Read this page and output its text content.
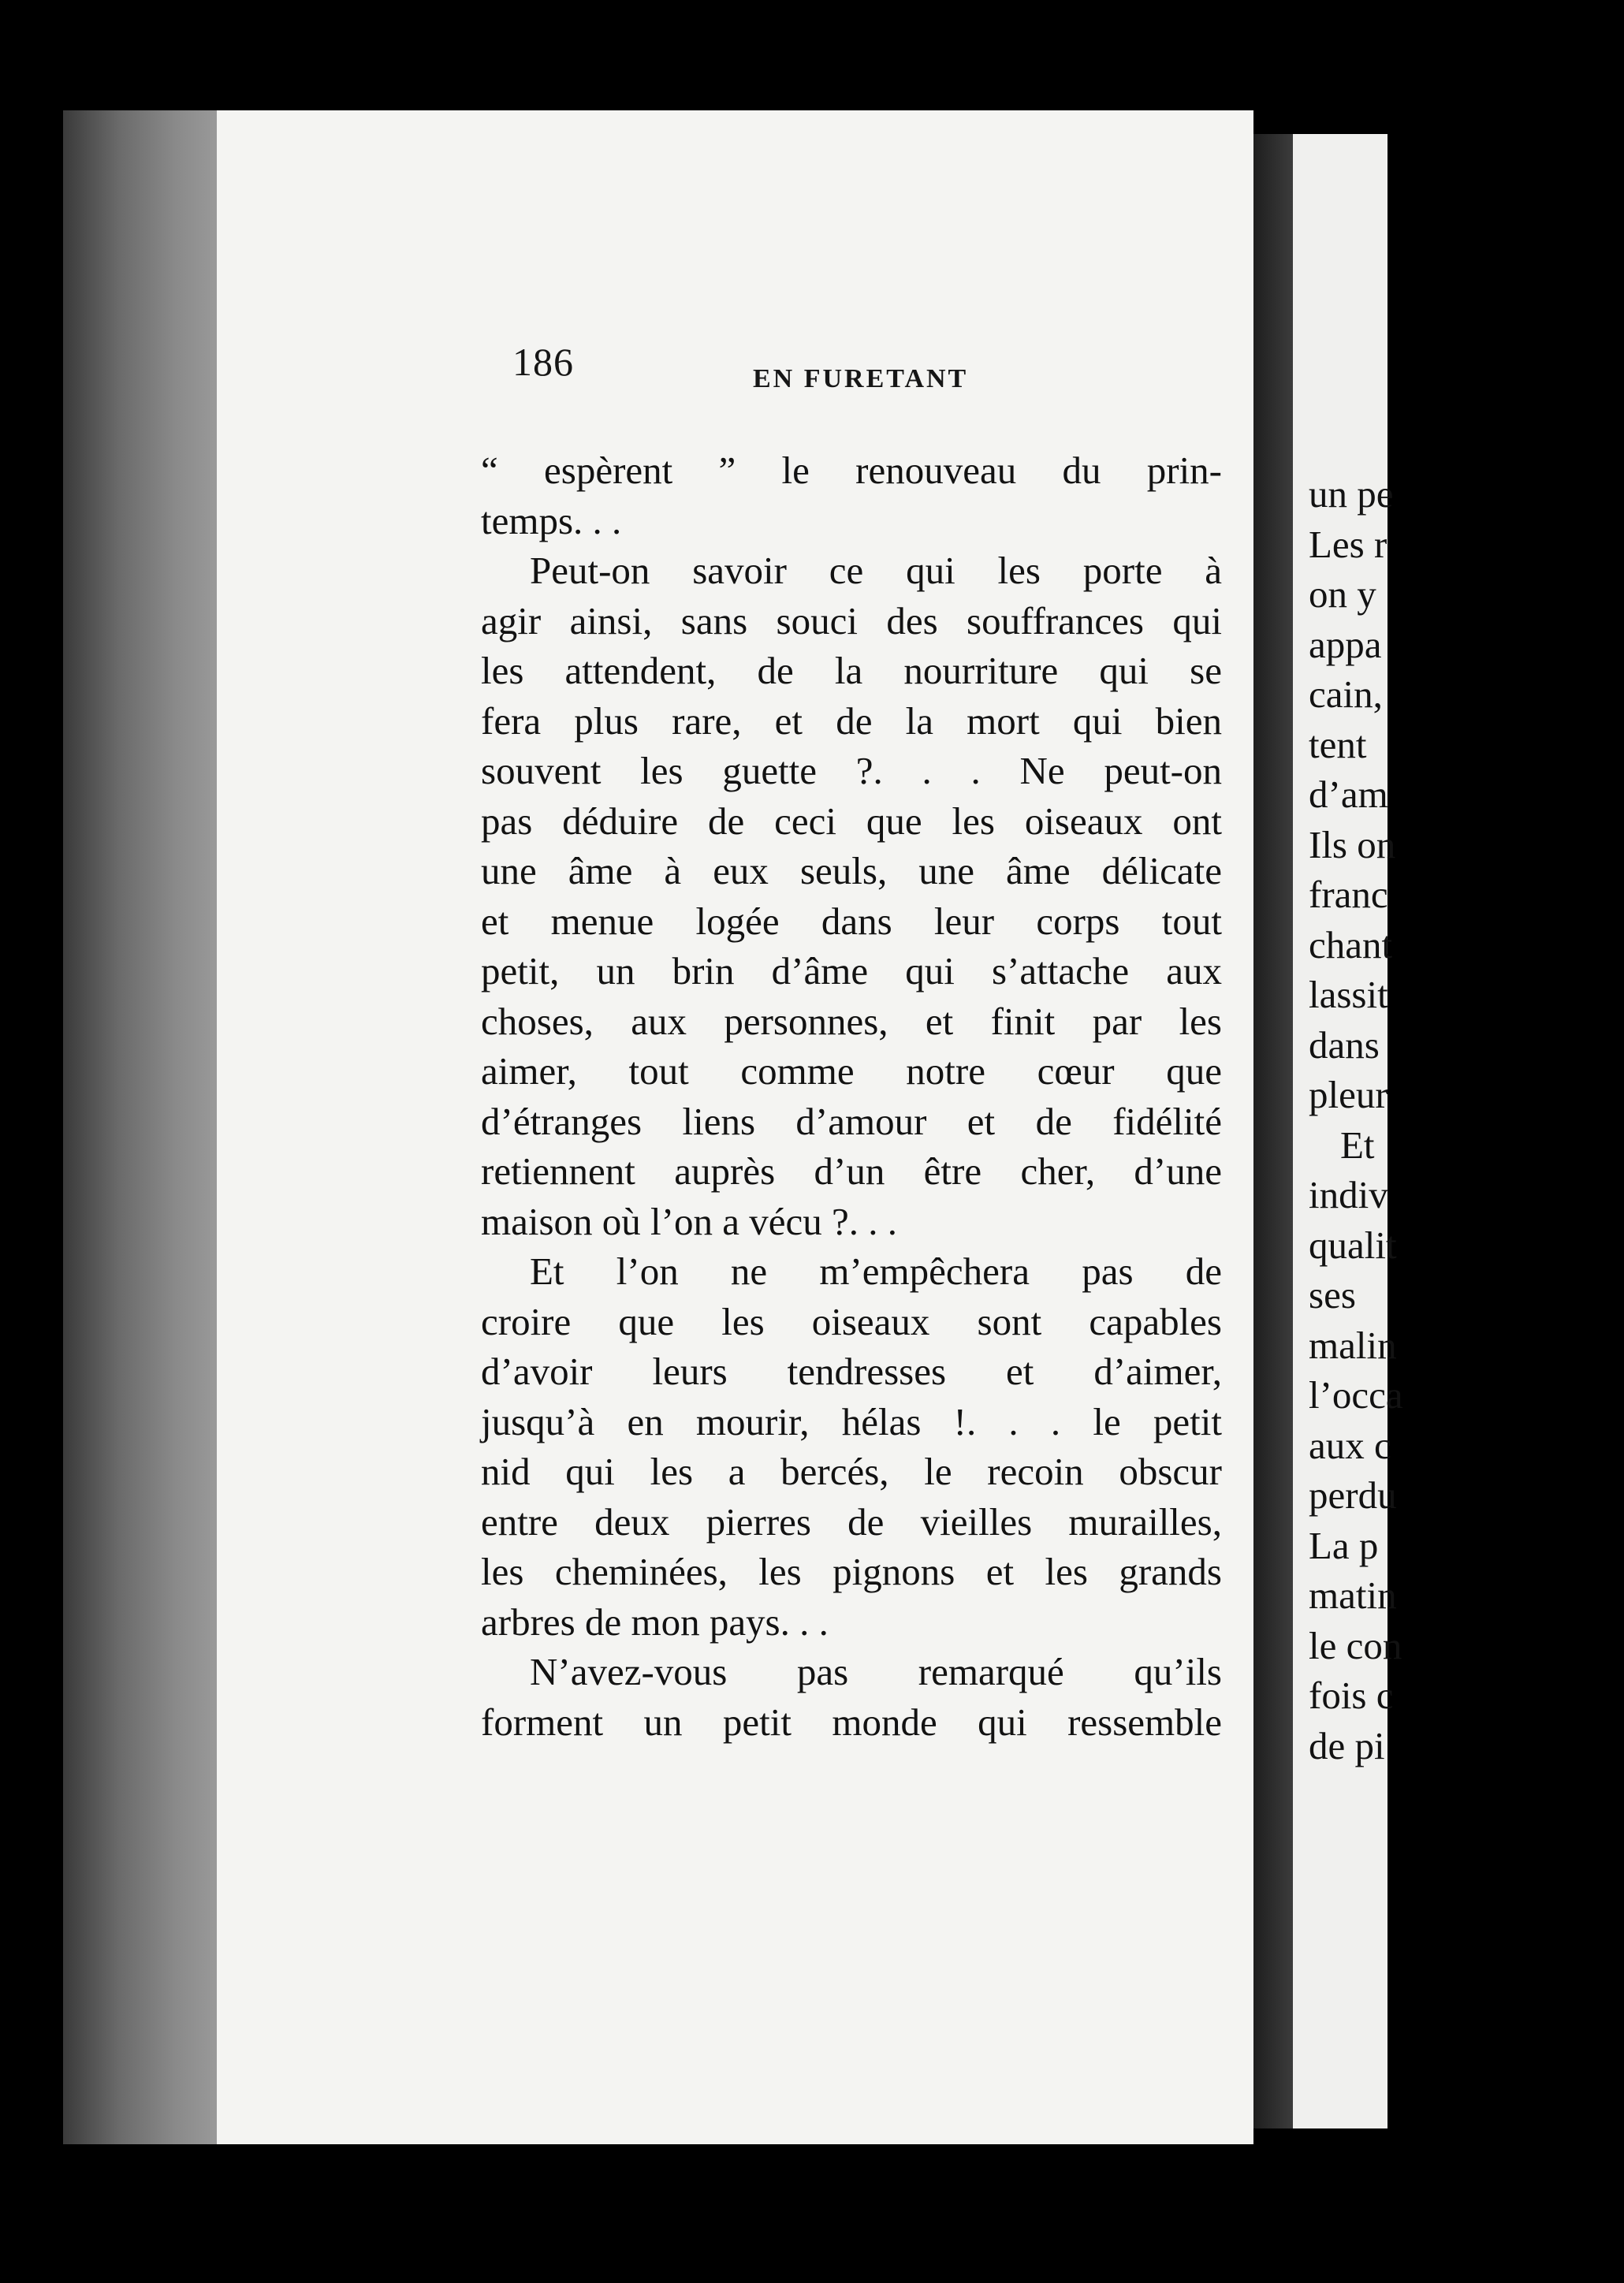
186	EN FURETANT
“ espèrent ” le renouveau du prin-
temps. . .
Peut-on savoir ce qui les porte à
agir ainsi, sans souci des souffrances qui
les attendent, de la nourriture qui se
fera plus rare, et de la mort qui bien
souvent les guette ?. . . Ne peut-on
pas déduire de ceci que les oiseaux ont
une âme à eux seuls, une âme délicate
et menue logée dans leur corps tout
petit, un brin d’âme qui s’attache aux
choses, aux personnes, et finit par les
aimer, tout comme notre cœur que
d’étranges liens d’amour et de fidélité
retiennent auprès d’un être cher, d’une
maison où l’on a vécu ?. . .
Et l’on ne m’empêchera pas de
croire que les oiseaux sont capables
d’avoir leurs tendresses et d’aimer,
jusqu’à en mourir, hélas !. . . le petit
nid qui les a bercés, le recoin obscur
entre deux pierres de vieilles murailles,
les cheminées, les pignons et les grands
arbres de mon pays. . .
N’avez-vous pas remarqué qu’ils
forment un petit monde qui ressemble
un pe
Les r
on y
appa
cain,
tent
d’am
Ils on
franc
chant
lassit
dans
pleur
Et
indiv
qualit
ses
malin
l’occa
aux c
perdu
La p
matin
le con
fois c
de pi
